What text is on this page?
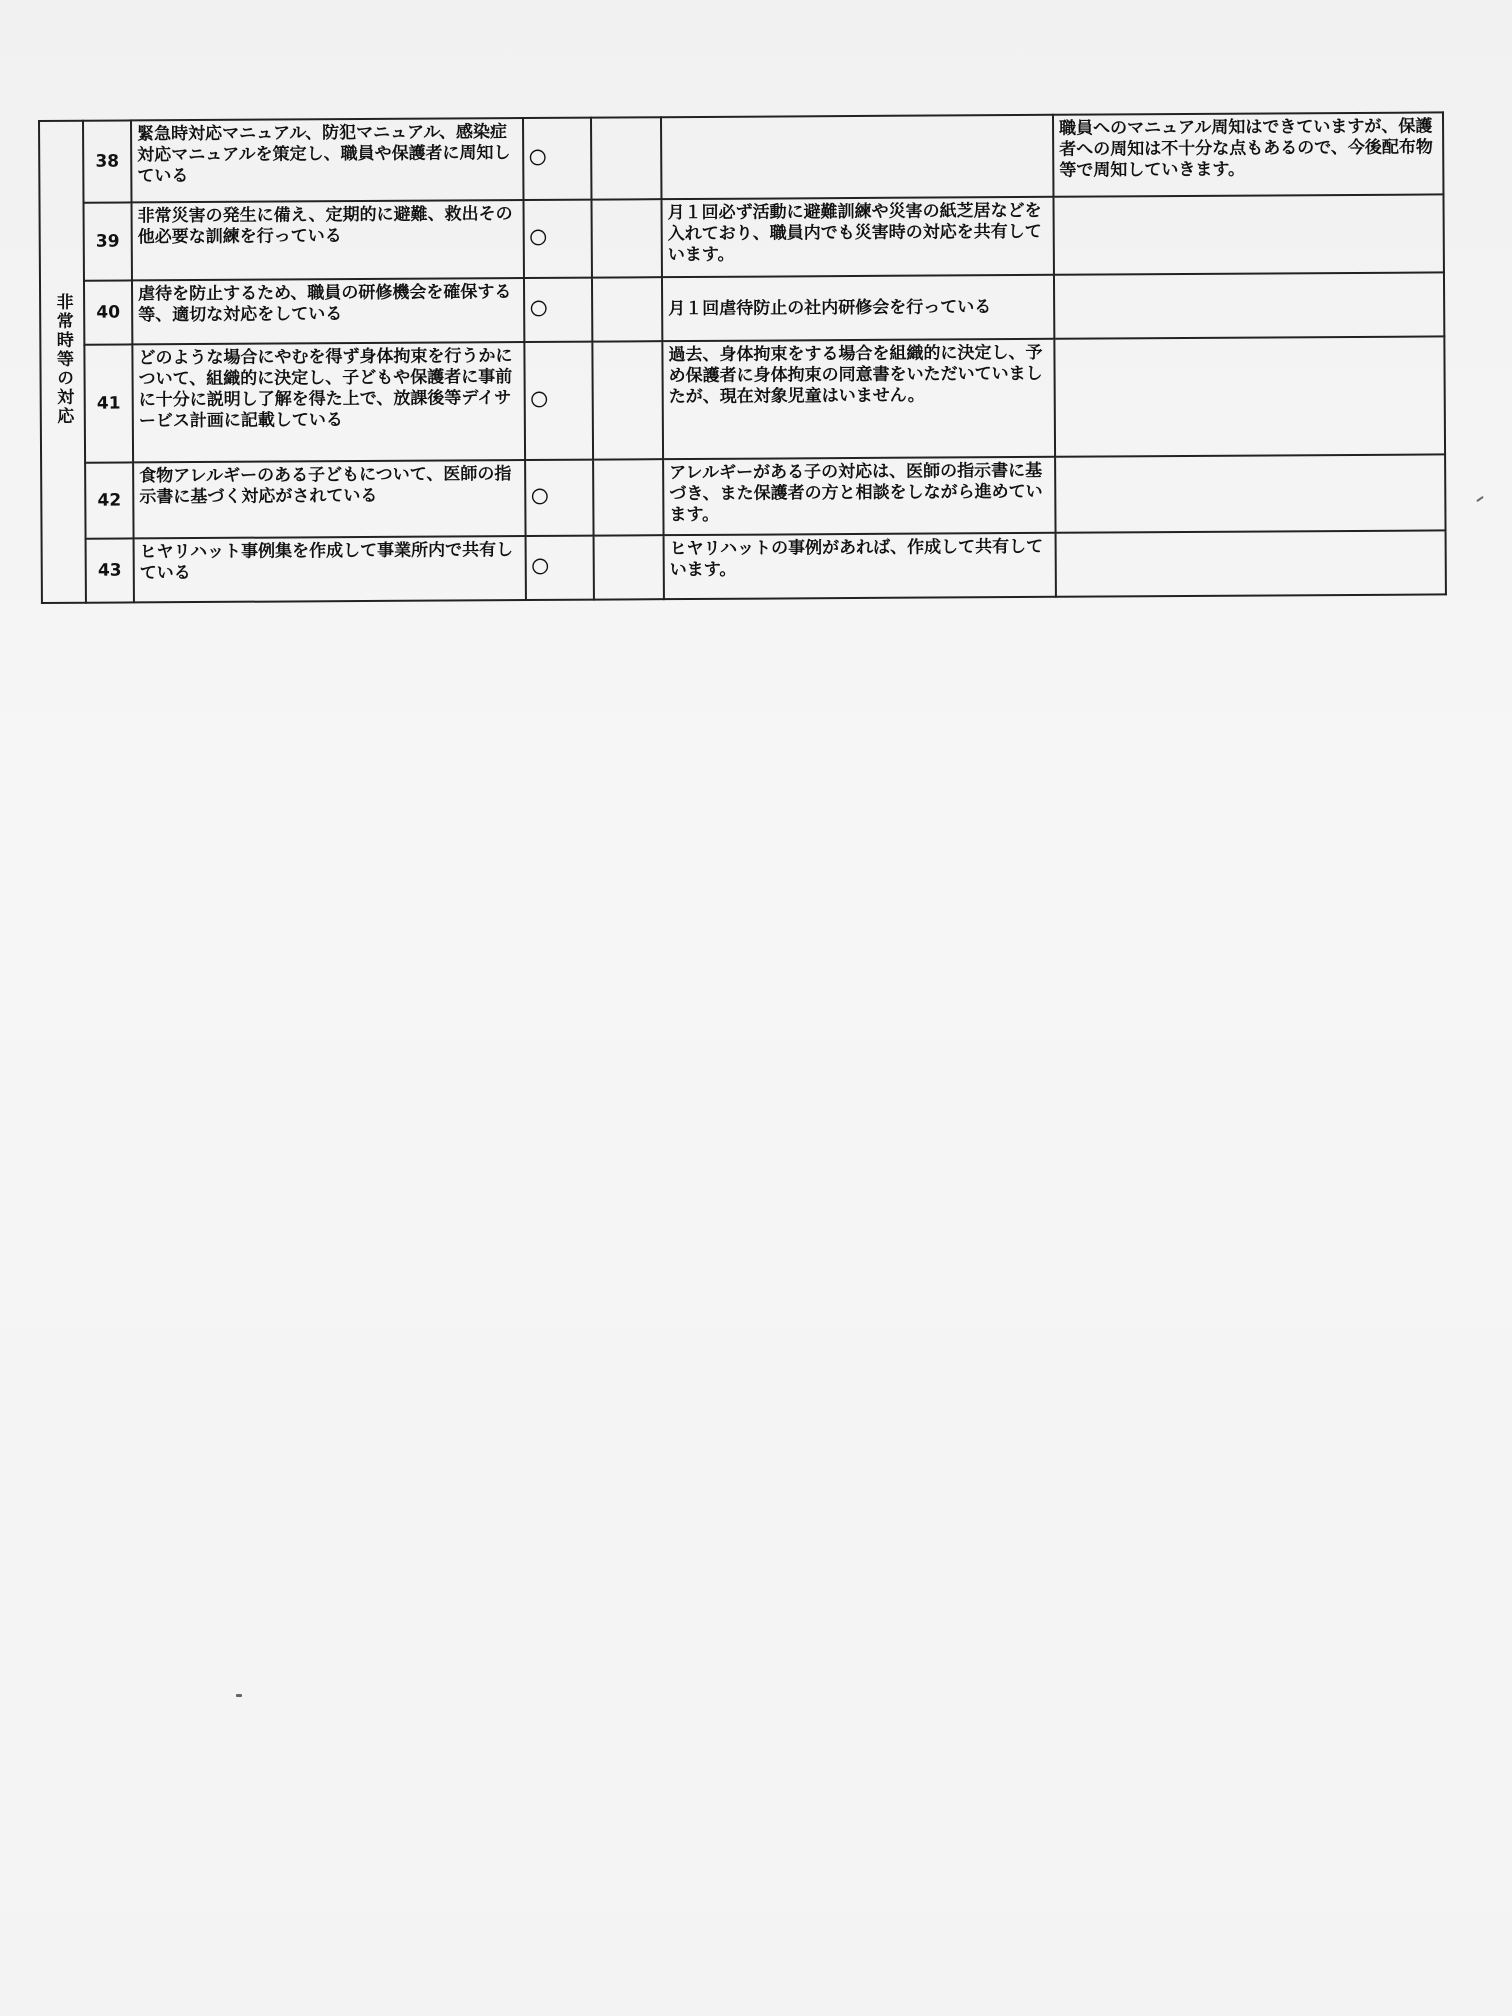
非常時等の対応	38	緊急時対応マニュアル、防犯マニュアル、感染症対応マニュアルを策定し、職員や保護者に周知している	〇			職員へのマニュアル周知はできていますが、保護者への周知は不十分な点もあるので、今後配布物等で周知していきます。
	39	非常災害の発生に備え、定期的に避難、救出その他必要な訓練を行っている	〇		月１回必ず活動に避難訓練や災害の紙芝居などを入れており、職員内でも災害時の対応を共有しています。	
	40	虐待を防止するため、職員の研修機会を確保する等、適切な対応をしている	〇		月１回虐待防止の社内研修会を行っている	
	41	どのような場合にやむを得ず身体拘束を行うかについて、組織的に決定し、子どもや保護者に事前に十分に説明し了解を得た上で、放課後等デイサービス計画に記載している	〇		過去、身体拘束をする場合を組織的に決定し、予め保護者に身体拘束の同意書をいただいていましたが、現在対象児童はいません。	
	42	食物アレルギーのある子どもについて、医師の指示書に基づく対応がされている	〇		アレルギーがある子の対応は、医師の指示書に基づき、また保護者の方と相談をしながら進めています。	
	43	ヒヤリハット事例集を作成して事業所内で共有している	〇		ヒヤリハットの事例があれば、作成して共有しています。	
